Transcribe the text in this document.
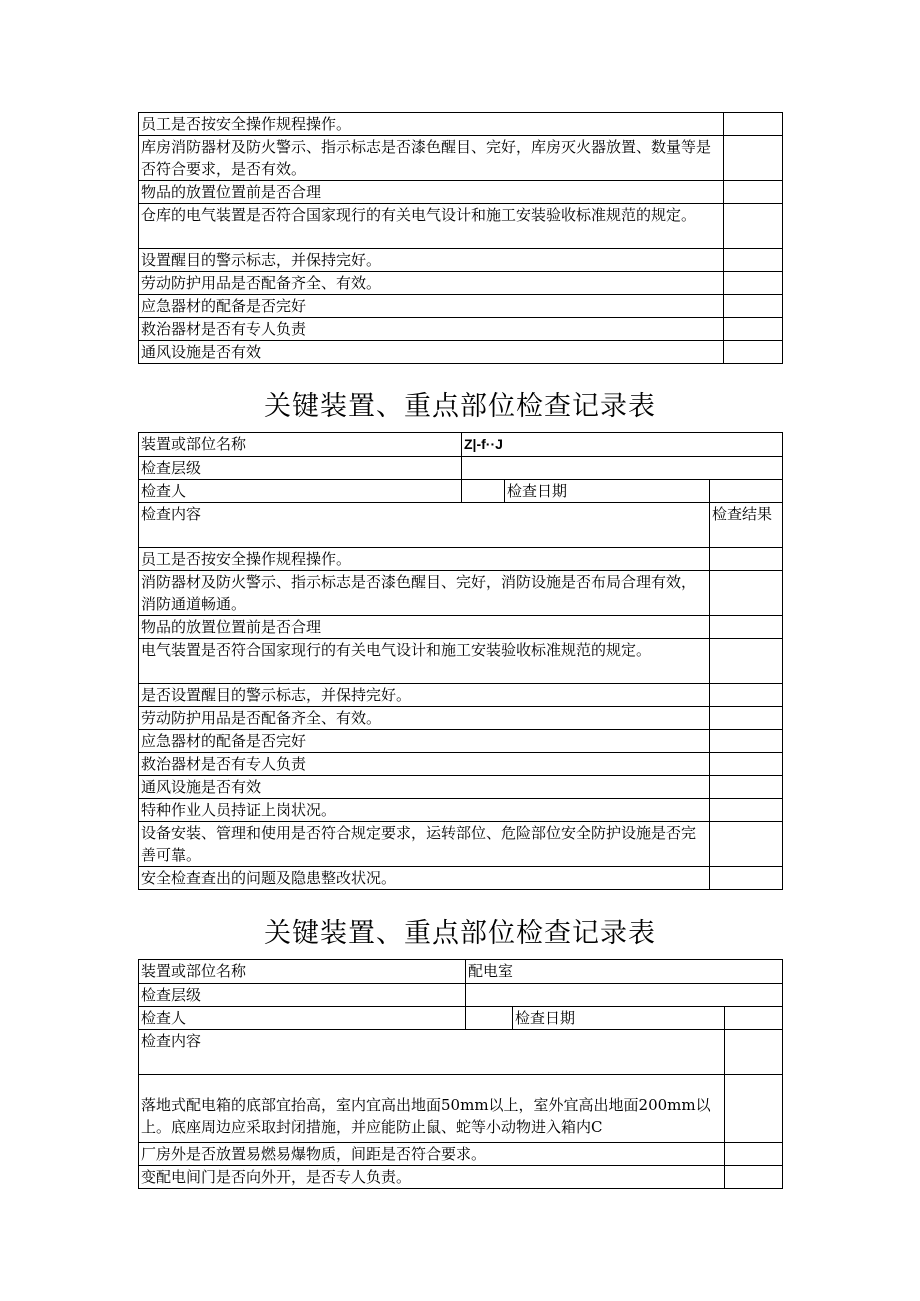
员工是否按安全操作规程操作。	
库房消防器材及防火警示、指示标志是否漆色醒目、完好，库房灭火器放置、数量等是否符合要求，是否有效。	
物品的放置位置前是否合理	
仓库的电气装置是否符合国家现行的有关电气设计和施工安装验收标准规范的规定。	
设置醒目的警示标志，并保持完好。	
劳动防护用品是否配备齐全、有效。	
应急器材的配备是否完好	
救治器材是否有专人负责	
通风设施是否有效	
关键装置、重点部位检查记录表
装置或部位名称	Z|-f··J		
检查层级			
检查人		检查日期	
检查内容			检查结果
员工是否按安全操作规程操作。			
消防器材及防火警示、指示标志是否漆色醒目、完好，消防设施是否布局合理有效，消防通道畅通。			
物品的放置位置前是否合理			
电气装置是否符合国家现行的有关电气设计和施工安装验收标准规范的规定。			
是否设置醒目的警示标志，并保持完好。			
劳动防护用品是否配备齐全、有效。			
应急器材的配备是否完好			
救治器材是否有专人负责			
通风设施是否有效			
特种作业人员持证上岗状况。			
设备安装、管理和使用是否符合规定要求，运转部位、危险部位安全防护设施是否完善可靠。			
安全检查查出的问题及隐患整改状况。			
关键装置、重点部位检查记录表
装置或部位名称	配电室		
检查层级			
检查人		检查日期	
检查内容			
落地式配电箱的底部宜抬高，室内宜高出地面50mm以上，室外宜高出地面200mm以上。底座周边应采取封闭措施，并应能防止鼠、蛇等小动物进入箱内C			
厂房外是否放置易燃易爆物质，间距是否符合要求。			
变配电间门是否向外开，是否专人负责。			
